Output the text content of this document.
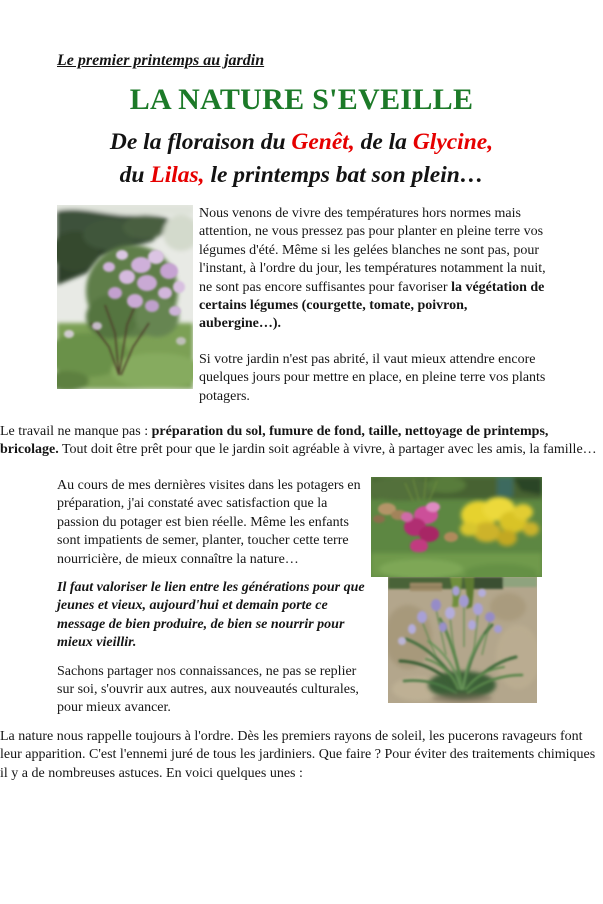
Le premier printemps au jardin

LA NATURE S'EVEILLE
De la floraison du Genêt, de la Glycine,
du Lilas, le printemps bat son plein…

Nous venons de vivre des températures hors normes mais attention, ne vous pressez pas pour planter en pleine terre vos légumes d'été. Même si les gelées blanches ne sont pas, pour l'instant, à l'ordre du jour, les températures notamment la nuit, ne sont pas encore suffisantes pour favoriser la végétation de certains légumes (courgette, tomate, poivron, aubergine…).

Si votre jardin n'est pas abrité, il vaut mieux attendre encore quelques jours pour mettre en place, en pleine terre vos plants potagers.

Le travail ne manque pas : préparation du sol, fumure de fond, taille, nettoyage de printemps, bricolage. Tout doit être prêt pour que le jardin soit agréable à vivre, à partager avec les amis, la famille…

Au cours de mes dernières visites dans les potagers en préparation, j'ai constaté avec satisfaction que la passion du potager est bien réelle. Même les enfants sont impatients de semer, planter, toucher cette terre nourricière, de mieux connaître la nature…

Il faut valoriser le lien entre les générations pour que jeunes et vieux, aujourd'hui et demain porte ce message de bien produire, de bien se nourrir pour mieux vieillir.

Sachons partager nos connaissances, ne pas se replier sur soi, s'ouvrir aux autres, aux nouveautés culturales, pour mieux avancer.

La nature nous rappelle toujours à l'ordre. Dès les premiers rayons de soleil, les pucerons ravageurs font leur apparition. C'est l'ennemi juré de tous les jardiniers. Que faire ? Pour éviter des traitements chimiques il y a de nombreuses astuces. En voici quelques unes :
